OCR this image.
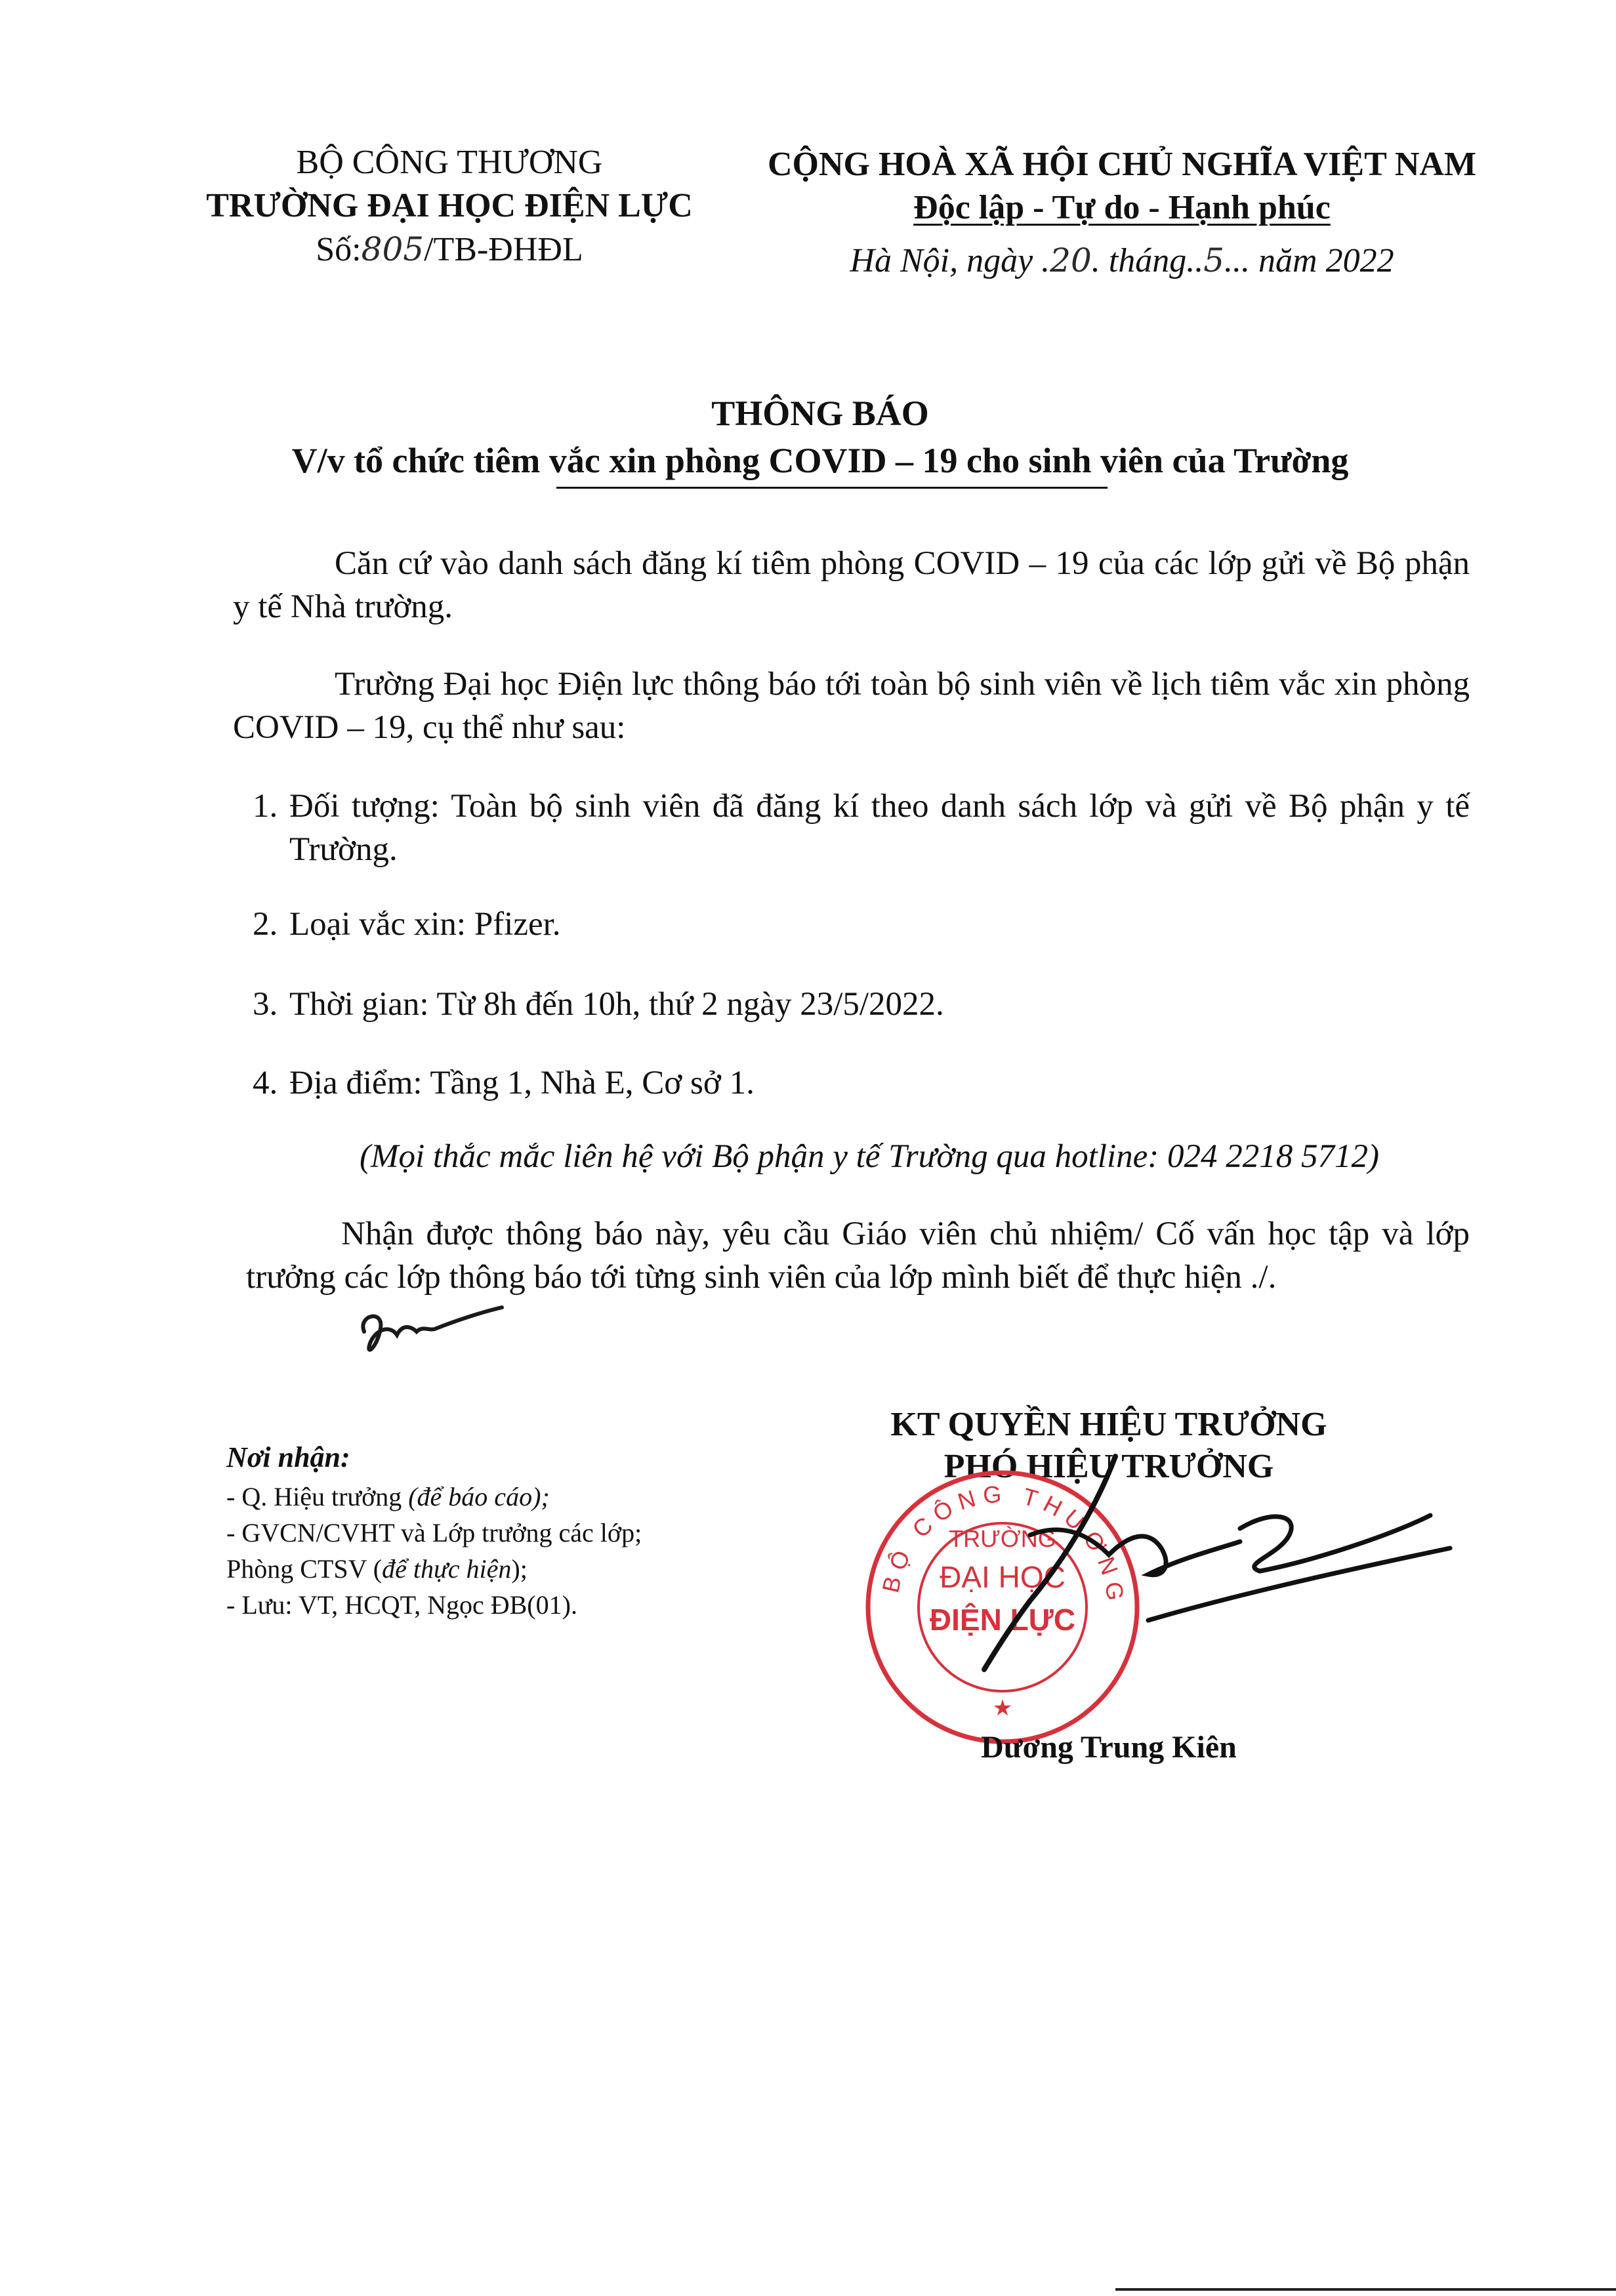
BỘ CÔNG THƯƠNG
TRƯỜNG ĐẠI HỌC ĐIỆN LỰC
Số:805/TB-ĐHĐL
CỘNG HOÀ XÃ HỘI CHỦ NGHĨA VIỆT NAM
Độc lập - Tự do - Hạnh phúc
Hà Nội, ngày .20. tháng..5... năm 2022
THÔNG BÁO
V/v tổ chức tiêm vắc xin phòng COVID – 19 cho sinh viên của Trường
Căn cứ vào danh sách đăng kí tiêm phòng COVID – 19 của các lớp gửi về Bộ phận y tế Nhà trường.
Trường Đại học Điện lực thông báo tới toàn bộ sinh viên về lịch tiêm vắc xin phòng COVID – 19, cụ thể như sau:
1. Đối tượng: Toàn bộ sinh viên đã đăng kí theo danh sách lớp và gửi về Bộ phận y tế Trường.
2. Loại vắc xin: Pfizer.
3. Thời gian: Từ 8h đến 10h, thứ 2 ngày 23/5/2022.
4. Địa điểm: Tầng 1, Nhà E, Cơ sở 1.
(Mọi thắc mắc liên hệ với Bộ phận y tế Trường qua hotline: 024 2218 5712)
Nhận được thông báo này, yêu cầu Giáo viên chủ nhiệm/ Cố vấn học tập và lớp trưởng các lớp thông báo tới từng sinh viên của lớp mình biết để thực hiện ./.
Nơi nhận:
- Q. Hiệu trưởng (để báo cáo);
- GVCN/CVHT và Lớp trưởng các lớp;
Phòng CTSV (để thực hiện);
- Lưu: VT, HCQT, Ngọc ĐB(01).
KT QUYỀN HIỆU TRƯỞNG
PHÓ HIỆU TRƯỞNG
BỘ CÔNG THƯƠNG
TRƯỜNG
ĐẠI HỌC
ĐIỆN LỰC
★
Dương Trung Kiên
